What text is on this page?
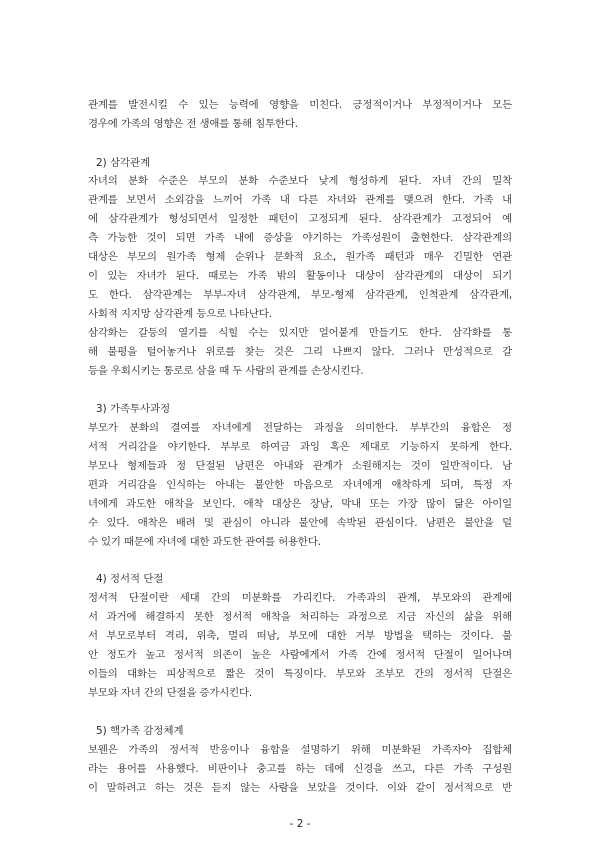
관계를 발전시킬 수 있는 능력에 영향을 미친다. 긍정적이거나 부정적이거나 모든
경우에 가족의 영향은 전 생애를 통해 침투한다.
2) 삼각관계
자녀의 분화 수준은 부모의 분화 수준보다 낮게 형성하게 된다. 자녀 간의 밀착
관계를 보면서 소외감을 느끼어 가족 내 다른 자녀와 관계를 맺으려 한다. 가족 내
에 삼각관계가 형성되면서 일정한 패턴이 고정되게 된다. 삼각관계가 고정되어 예
측 가능한 것이 되면 가족 내에 증상을 야기하는 가족성원이 출현한다. 삼각관계의
대상은 부모의 원가족 형제 순위나 문화적 요소, 원가족 패턴과 매우 긴밀한 연관
이 있는 자녀가 된다. 때로는 가족 밖의 활동이나 대상이 삼각관계의 대상이 되기
도 한다. 삼각관계는 부부-자녀 삼각관계, 부모-형제 삼각관계, 인척관계 삼각관계,
사회적 지지망 삼각관계 등으로 나타난다.
삼각화는 갈등의 열기를 식힐 수는 있지만 얼어붙게 만들기도 한다. 삼각화를 통
해 불평을 털어놓거나 위로를 찾는 것은 그리 나쁘지 않다. 그러나 만성적으로 갈
등을 우회시키는 통로로 삼을 때 두 사람의 관계를 손상시킨다.
3) 가족투사과정
부모가 분화의 결여를 자녀에게 전달하는 과정을 의미한다. 부부간의 융합은 정
서적 거리감을 야기한다. 부부로 하여금 과잉 혹은 제대로 기능하지 못하게 한다.
부모나 형제들과 정 단절된 남편은 아내와 관계가 소원해지는 것이 일반적이다. 남
편과 거리감을 인식하는 아내는 불안한 마음으로 자녀에게 애착하게 되며, 특정 자
녀에게 과도한 애착을 보인다. 애착 대상은 장남, 막내 또는 가장 많이 닮은 아이일
수 있다. 애착은 배려 및 관심이 아니라 불안에 속박된 관심이다. 남편은 불안을 덜
수 있기 때문에 자녀에 대한 과도한 관여를 허용한다.
4) 정서적 단절
정서적 단절이란 세대 간의 미분화를 가리킨다. 가족과의 관계, 부모와의 관계에
서 과거에 해결하지 못한 정서적 애착을 처리하는 과정으로 지금 자신의 삶을 위해
서 부모로부터 격리, 위축, 멀리 떠남, 부모에 대한 거부 방법을 택하는 것이다. 불
안 정도가 높고 정서적 의존이 높은 사람에게서 가족 간에 정서적 단절이 일어나며
이들의 대화는 피상적으로 짧은 것이 특징이다. 부모와 조부모 간의 정서적 단절은
부모와 자녀 간의 단절을 증가시킨다.
5) 핵가족 감정체계
보웬은 가족의 정서적 반응이나 융합을 설명하기 위해 미분화된 가족자아 집합체
라는 용어를 사용했다. 비판이나 충고를 하는 데에 신경을 쓰고, 다른 가족 구성원
이 말하려고 하는 것은 듣지 않는 사람을 보았을 것이다. 이와 같이 정서적으로 반
- 2 -
